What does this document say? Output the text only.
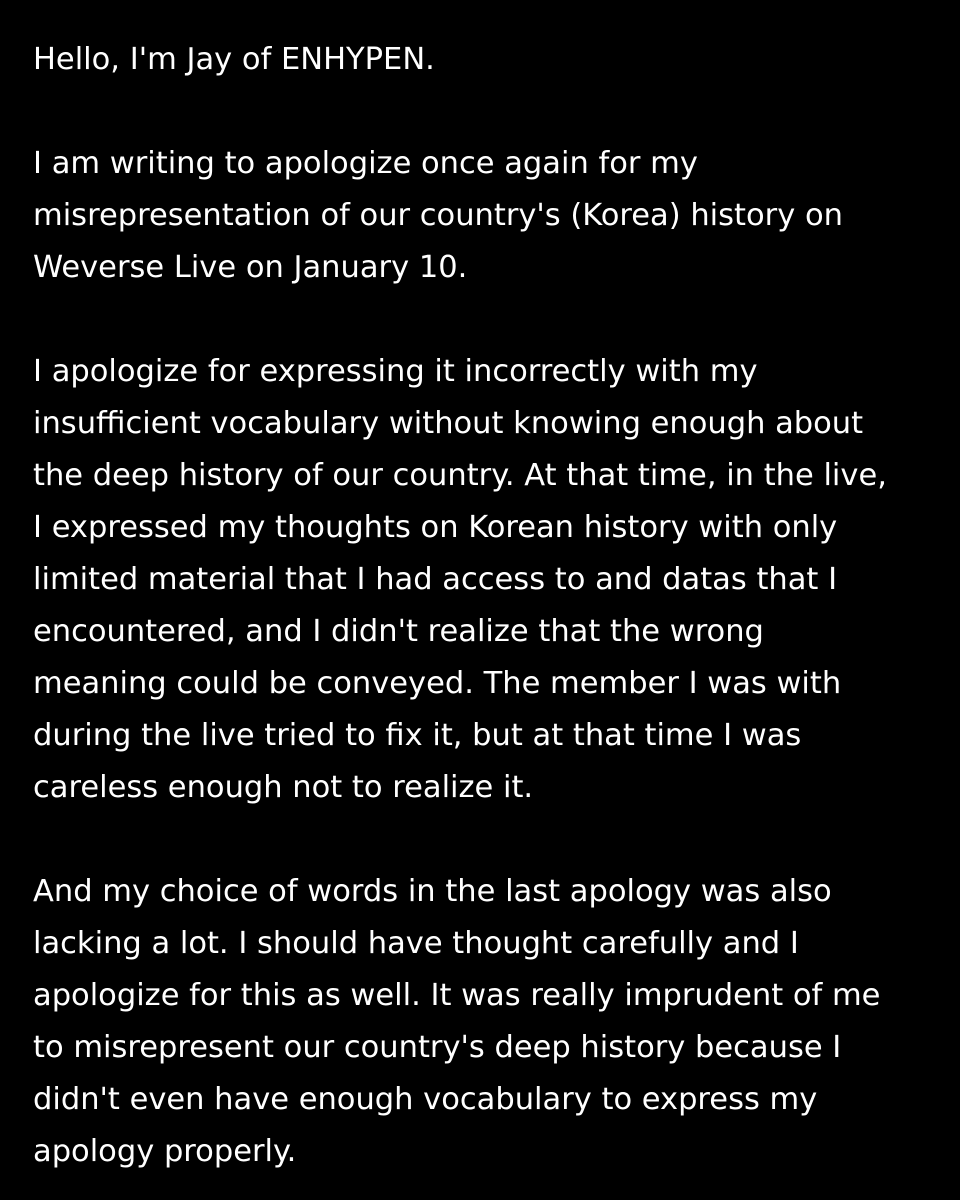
Hello, I'm Jay of ENHYPEN.
I am writing to apologize once again for my
misrepresentation of our country's (Korea) history on
Weverse Live on January 10.
I apologize for expressing it incorrectly with my
insufficient vocabulary without knowing enough about
the deep history of our country. At that time, in the live,
I expressed my thoughts on Korean history with only
limited material that I had access to and datas that I
encountered, and I didn't realize that the wrong
meaning could be conveyed. The member I was with
during the live tried to fix it, but at that time I was
careless enough not to realize it.
And my choice of words in the last apology was also
lacking a lot. I should have thought carefully and I
apologize for this as well. It was really imprudent of me
to misrepresent our country's deep history because I
didn't even have enough vocabulary to express my
apology properly.
